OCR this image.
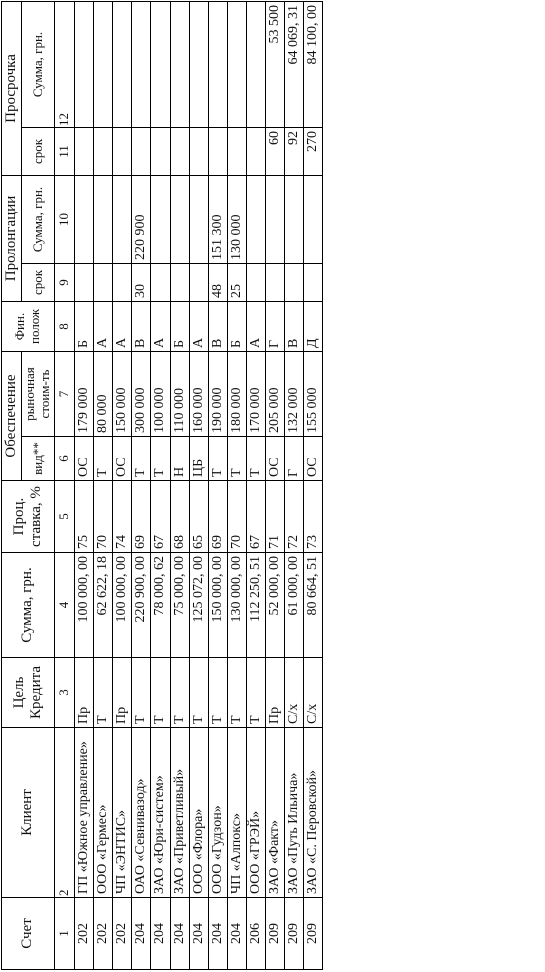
Счет	Клиент	Цель Кредита	Сумма, грн.	Проц. ставка, %	Обеспечение		Фин. полож	Пролонгации		Просрочка	
					вид**	рыночная стоим-ть		срок	Сумма, грн.	срок	Сумма, грн.
1	2	3	4	5	6	7	8	9	10	11	12
202	ГП «Южное управление»	Пр	100 000, 00	75	ОС	179 000	Б				
202	ООО «Гермес»	Т	62 622, 18	70	Т	80 000	А				
202	ЧП «ЭНТИС»	Пр	100 000, 00	74	ОС	150 000	А				
204	ОАО «Севнивазод»	Т	220 900, 00	69	Т	300 000	В	30	220 900		
204	ЗАО «Юри-систем»	Т	78 000, 62	67	Т	100 000	А				
204	ЗАО «Приветливый»	Т	75 000, 00	68	Н	110 000	Б				
204	ООО «Флора»	Т	125 072, 00	65	ЦБ	160 000	А				
204	ООО «Гудзон»	Т	150 000, 00	69	Т	190 000	В	48	151 300		
204	ЧП «Алпокс»	Т	130 000, 00	70	Т	180 000	Б	25	130 000		
206	ООО «ГРЭЙ»	Т	112 250, 51	67	Т	170 000	А				
209	ЗАО «Факт»	Пр	52 000, 00	71	ОС	205 000	Г			60	53 500
209	ЗАО «Путь Ильича»	С/х	61 000, 00	72	Г	132 000	В			92	64 069, 31
209	ЗАО «С. Перовской»	С/х	80 664, 51	73	ОС	155 000	Д			270	84 100, 00
